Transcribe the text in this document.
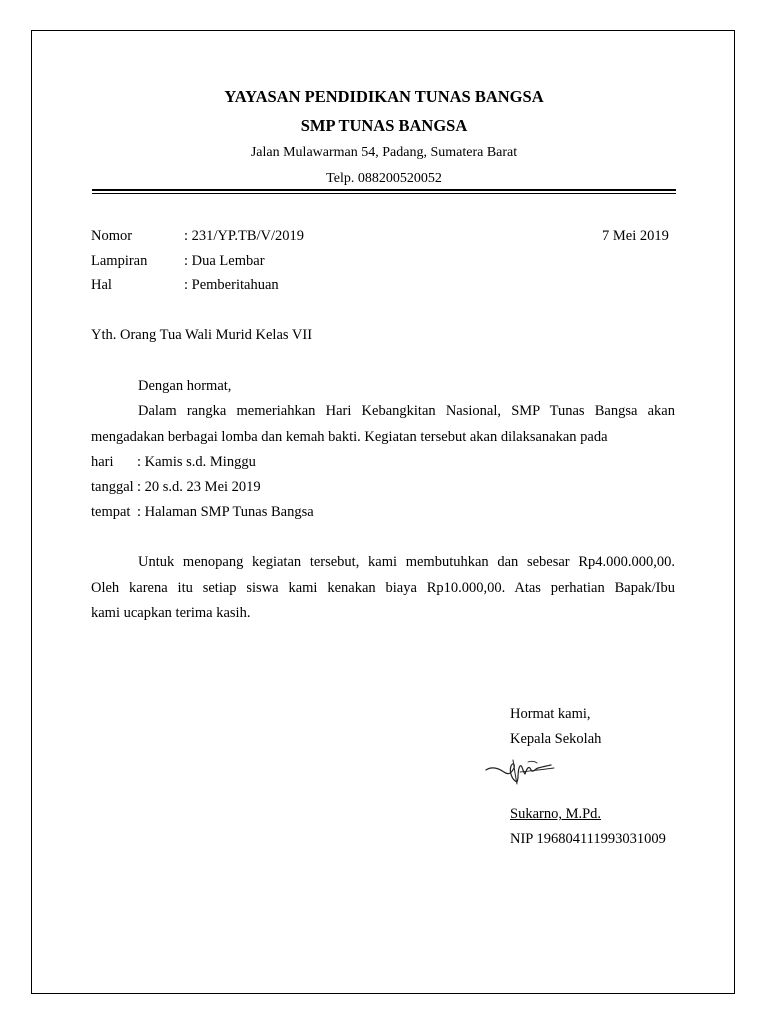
YAYASAN PENDIDIKAN TUNAS BANGSA
SMP TUNAS BANGSA
Jalan Mulawarman 54, Padang, Sumatera Barat
Telp. 088200520052
Nomor	: 231/YP.TB/V/2019	7 Mei 2019
Lampiran	: Dua Lembar
Hal	: Pemberitahuan
Yth. Orang Tua Wali Murid Kelas VII
Dengan hormat,
Dalam rangka memeriahkan Hari Kebangkitan Nasional, SMP Tunas Bangsa akan
mengadakan berbagai lomba dan kemah bakti. Kegiatan tersebut akan dilaksanakan pada
hari : Kamis s.d. Minggu
tanggal : 20 s.d. 23 Mei 2019
tempat : Halaman SMP Tunas Bangsa
Untuk menopang kegiatan tersebut, kami membutuhkan dan sebesar Rp4.000.000,00.
Oleh karena itu setiap siswa kami kenakan biaya Rp10.000,00. Atas perhatian Bapak/Ibu
kami ucapkan terima kasih.
Hormat kami,
Kepala Sekolah
Sukarno, M.Pd.
NIP 196804111993031009
